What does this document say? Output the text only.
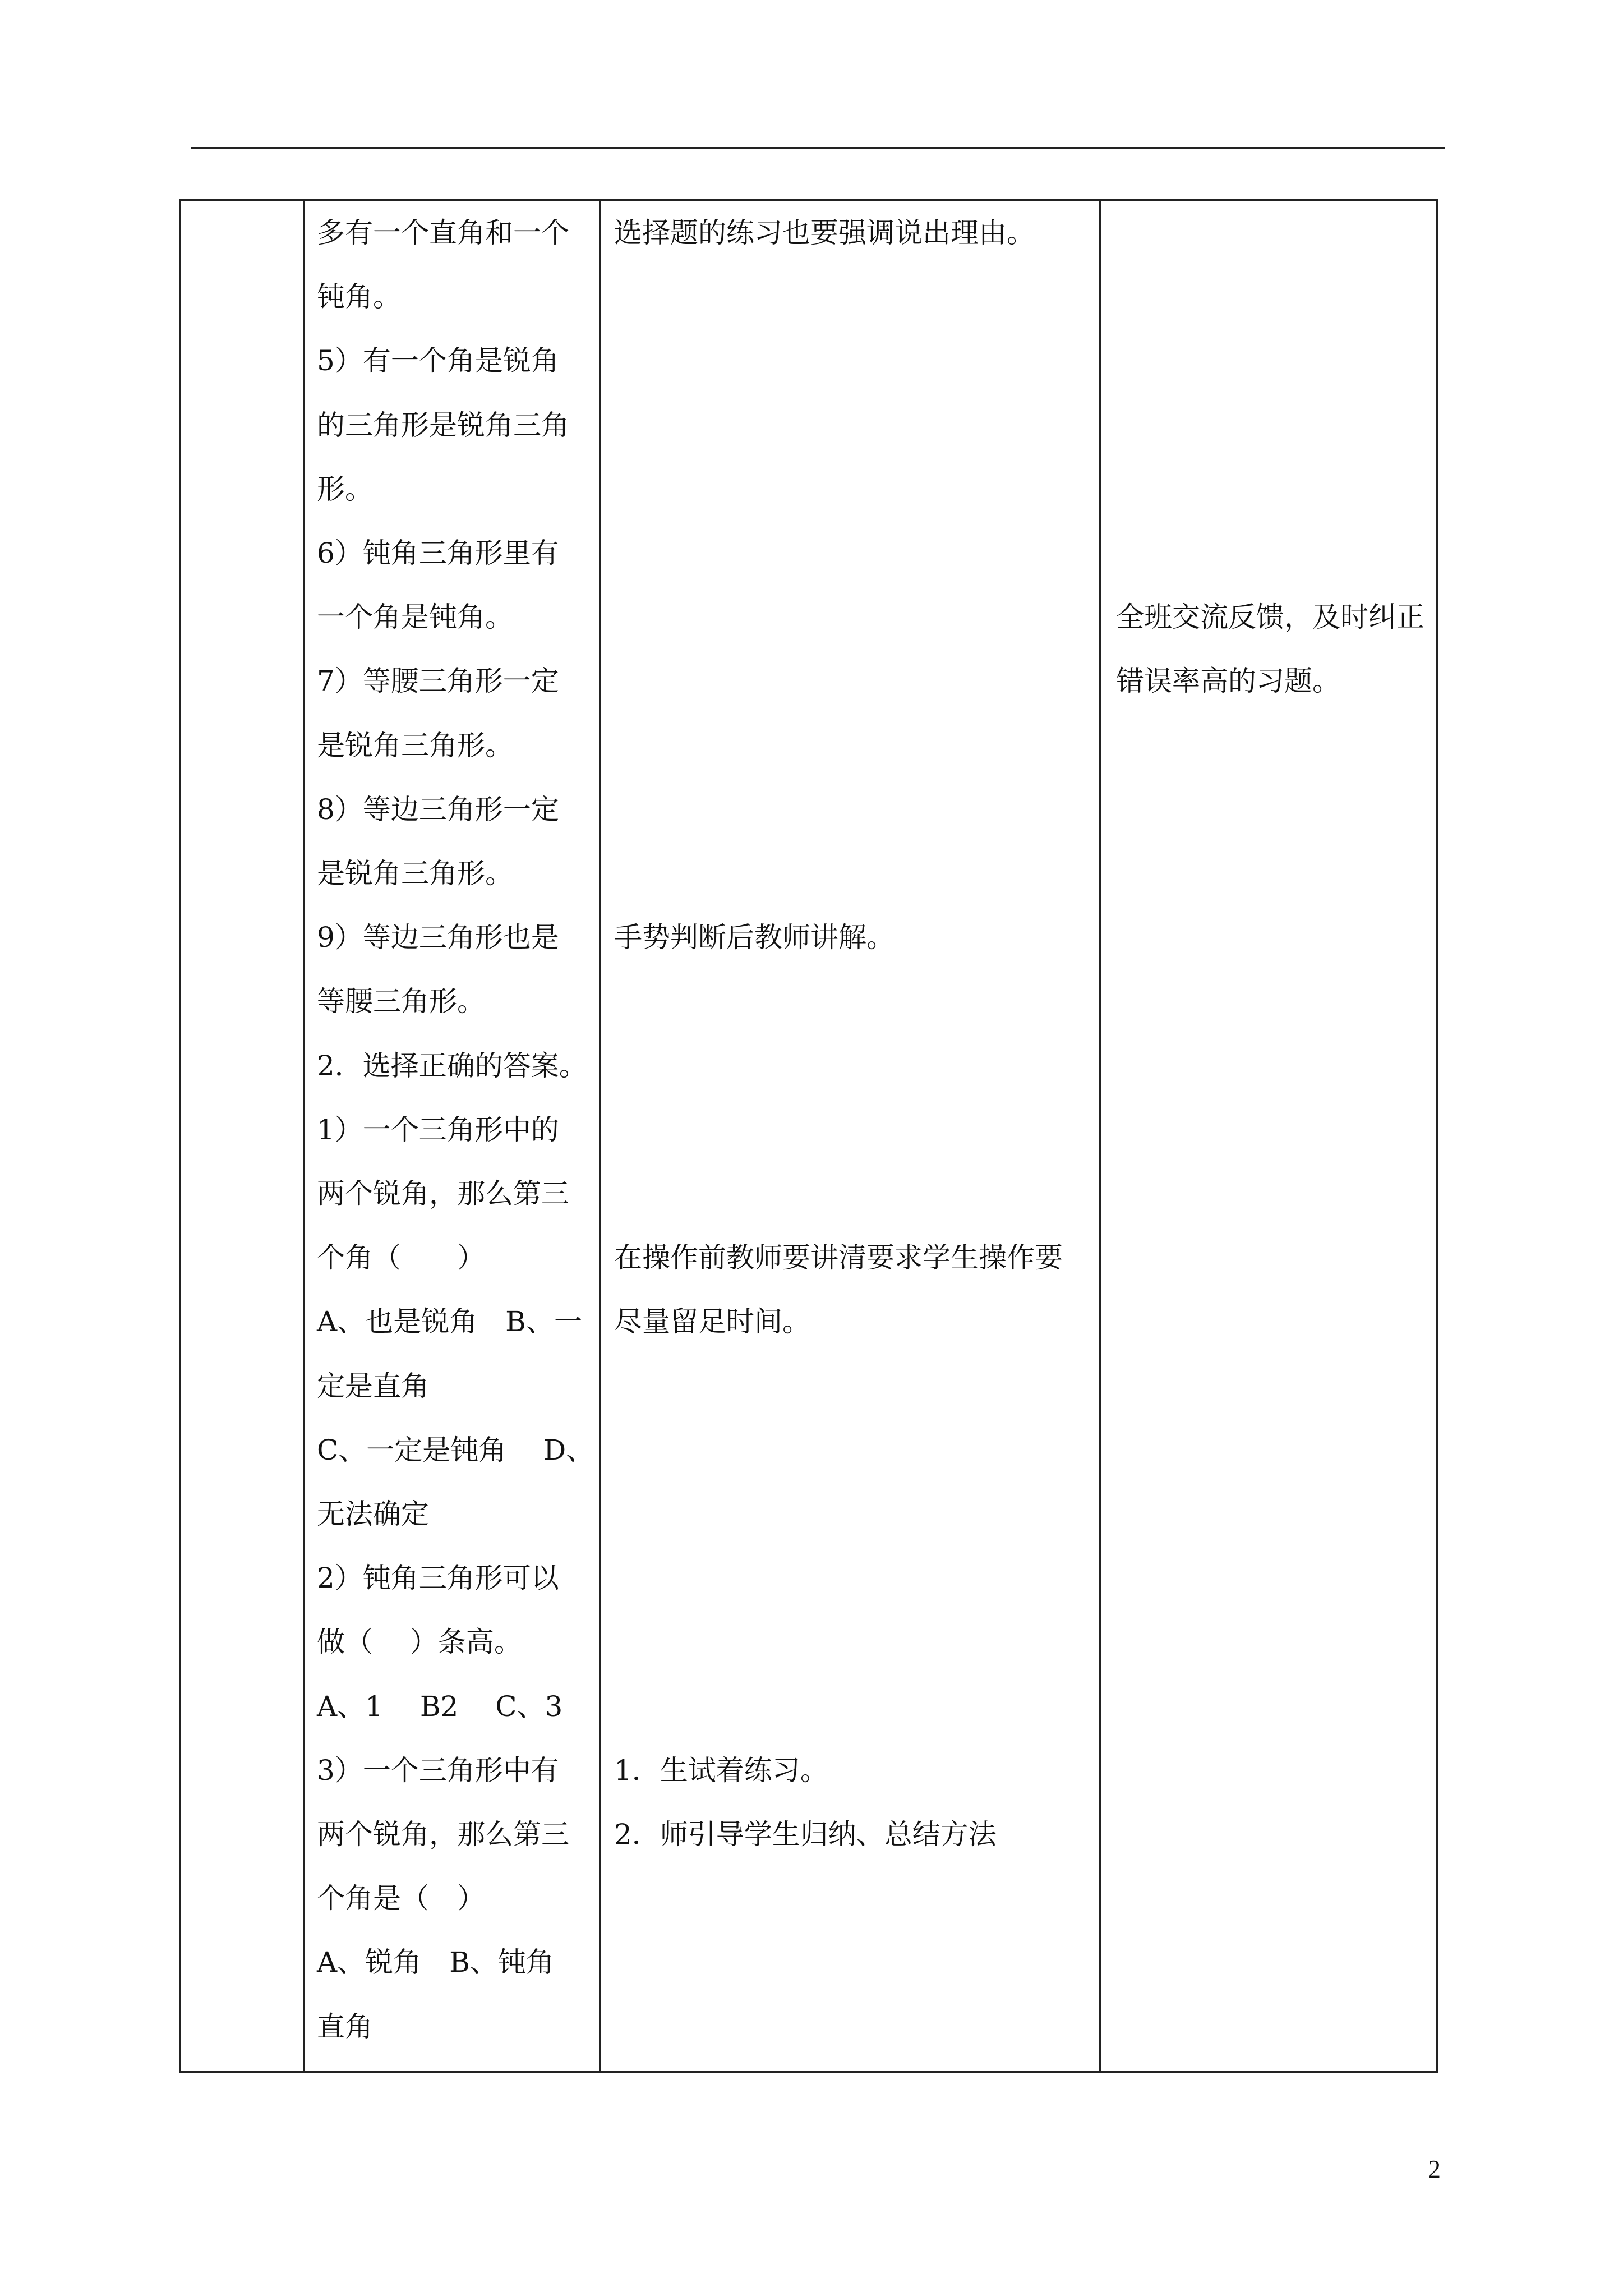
多有一个直角和一个
钝角。
5）有一个角是锐角
的三角形是锐角三角
形。
6）钝角三角形里有
一个角是钝角。
7）等腰三角形一定
是锐角三角形。
8）等边三角形一定
是锐角三角形。
9）等边三角形也是
等腰三角形。
2．选择正确的答案。
1）一个三角形中的
两个锐角，那么第三
个角（　　）
A、也是锐角　B、一
定是直角
C、一定是钝角　 D、
无法确定
2）钝角三角形可以
做（　 ）条高。
A、1　 B2　 C、3
3）一个三角形中有
两个锐角，那么第三
个角是（　）
A、锐角　B、钝角
直角
选择题的练习也要强调说出理由。
手势判断后教师讲解。
在操作前教师要讲清要求学生操作要
尽量留足时间。
1．生试着练习。
2．师引导学生归纳、总结方法
全班交流反馈，及时纠正
错误率高的习题。
2
